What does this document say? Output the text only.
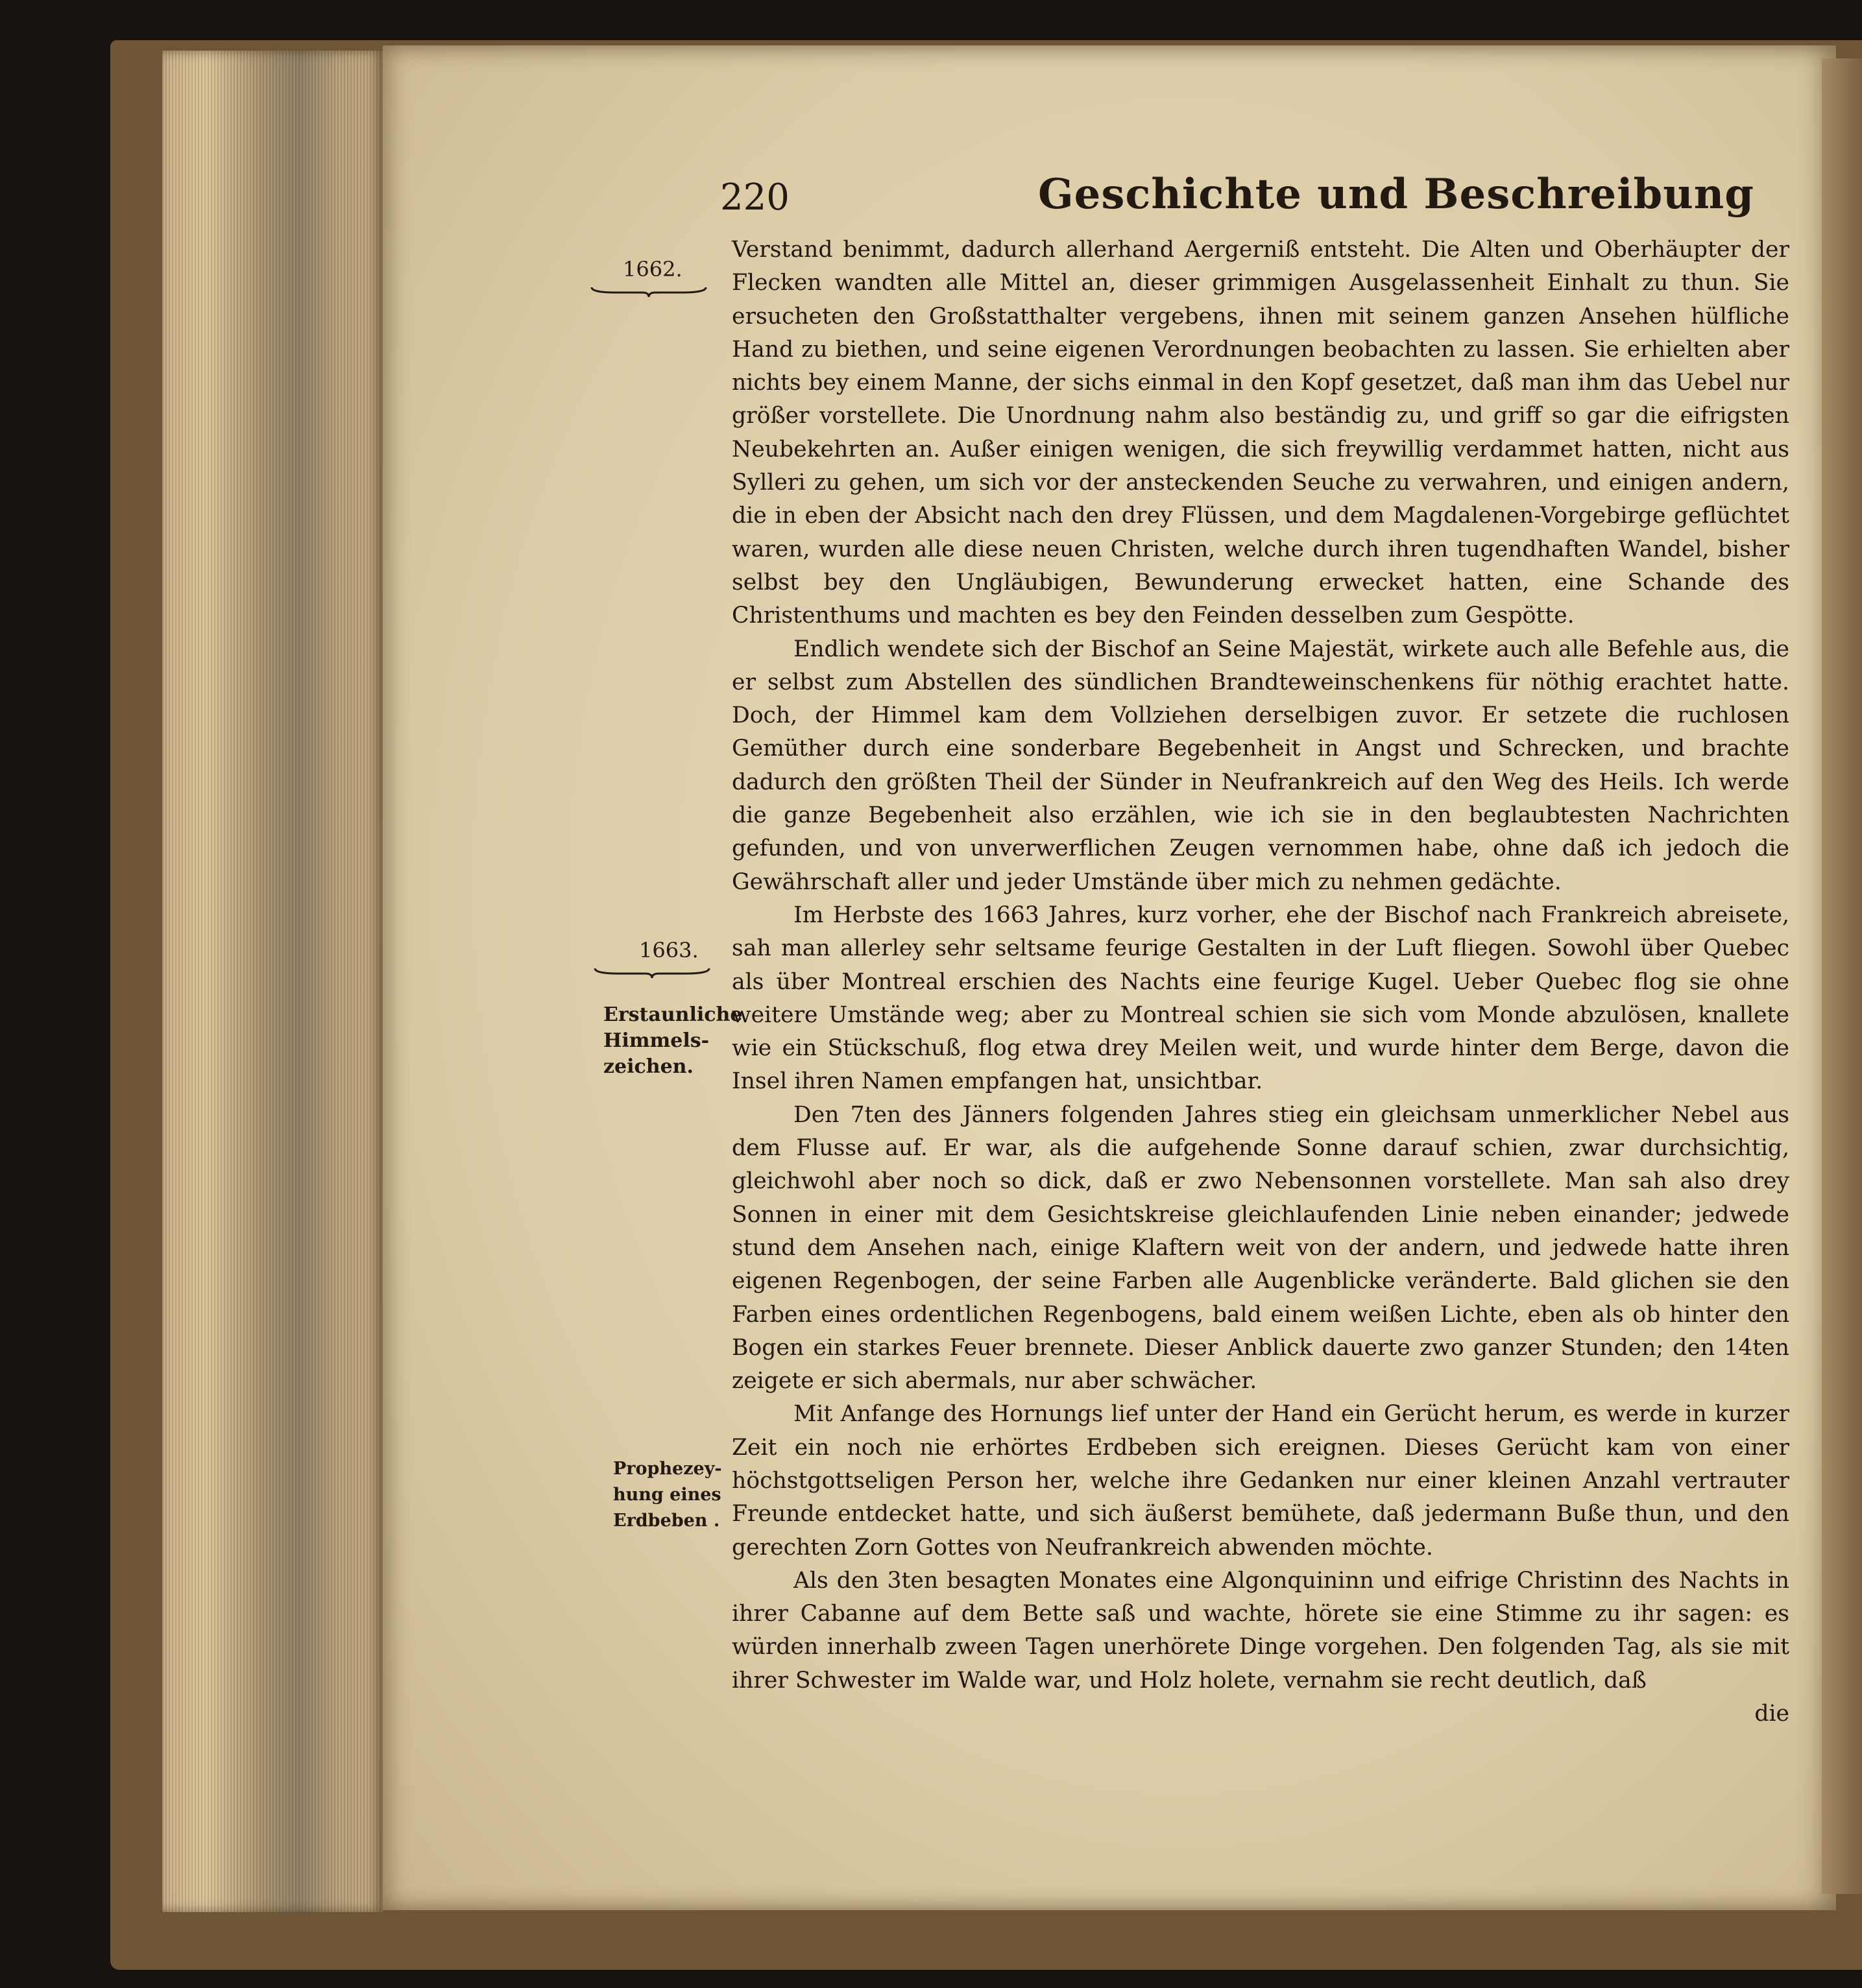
220	Geschichte und Beschreibung
1662.
1663.
Erstaunliche
Himmels-
zeichen.
Prophezey-
hung eines
Erdbeben .

Verstand benimmt, dadurch allerhand Aergerniß entsteht. Die Alten und Oberhäupter der Flecken wandten alle Mittel an, dieser grimmigen Ausgelassenheit Einhalt zu thun. Sie ersucheten den Großstatthalter vergebens, ihnen mit seinem ganzen Ansehen hülfliche Hand zu biethen, und seine eigenen Verordnungen beobachten zu lassen. Sie erhielten aber nichts bey einem Manne, der sichs einmal in den Kopf gesetzet, daß man ihm das Uebel nur größer vorstellete. Die Unordnung nahm also beständig zu, und griff so gar die eifrigsten Neubekehrten an. Außer einigen wenigen, die sich freywillig verdammet hatten, nicht aus Sylleri zu gehen, um sich vor der ansteckenden Seuche zu verwahren, und einigen andern, die in eben der Absicht nach den drey Flüssen, und dem Magdalenen-Vorgebirge geflüchtet waren, wurden alle diese neuen Christen, welche durch ihren tugendhaften Wandel, bisher selbst bey den Ungläubigen, Bewunderung erwecket hatten, eine Schande des Christenthums und machten es bey den Feinden desselben zum Gespötte.

Endlich wendete sich der Bischof an Seine Majestät, wirkete auch alle Befehle aus, die er selbst zum Abstellen des sündlichen Brandteweinschenkens für nöthig erachtet hatte. Doch, der Himmel kam dem Vollziehen derselbigen zuvor. Er setzete die ruchlosen Gemüther durch eine sonderbare Begebenheit in Angst und Schrecken, und brachte dadurch den größten Theil der Sünder in Neufrankreich auf den Weg des Heils. Ich werde die ganze Begebenheit also erzählen, wie ich sie in den beglaubtesten Nachrichten gefunden, und von unverwerflichen Zeugen vernommen habe, ohne daß ich jedoch die Gewährschaft aller und jeder Umstände über mich zu nehmen gedächte.

Im Herbste des 1663 Jahres, kurz vorher, ehe der Bischof nach Frankreich abreisete, sah man allerley sehr seltsame feurige Gestalten in der Luft fliegen. Sowohl über Quebec als über Montreal erschien des Nachts eine feurige Kugel. Ueber Quebec flog sie ohne weitere Umstände weg; aber zu Montreal schien sie sich vom Monde abzulösen, knallete wie ein Stückschuß, flog etwa drey Meilen weit, und wurde hinter dem Berge, davon die Insel ihren Namen empfangen hat, unsichtbar.

Den 7ten des Jänners folgenden Jahres stieg ein gleichsam unmerklicher Nebel aus dem Flusse auf. Er war, als die aufgehende Sonne darauf schien, zwar durchsichtig, gleichwohl aber noch so dick, daß er zwo Nebensonnen vorstellete. Man sah also drey Sonnen in einer mit dem Gesichtskreise gleichlaufenden Linie neben einander; jedwede stund dem Ansehen nach, einige Klaftern weit von der andern, und jedwede hatte ihren eigenen Regenbogen, der seine Farben alle Augenblicke veränderte. Bald glichen sie den Farben eines ordentlichen Regenbogens, bald einem weißen Lichte, eben als ob hinter den Bogen ein starkes Feuer brennete. Dieser Anblick dauerte zwo ganzer Stunden; den 14ten zeigete er sich abermals, nur aber schwächer.

Mit Anfange des Hornungs lief unter der Hand ein Gerücht herum, es werde in kurzer Zeit ein noch nie erhörtes Erdbeben sich ereignen. Dieses Gerücht kam von einer höchstgottseligen Person her, welche ihre Gedanken nur einer kleinen Anzahl vertrauter Freunde entdecket hatte, und sich äußerst bemühete, daß jedermann Buße thun, und den gerechten Zorn Gottes von Neufrankreich abwenden möchte.

Als den 3ten besagten Monates eine Algonquininn und eifrige Christinn des Nachts in ihrer Cabanne auf dem Bette saß und wachte, hörete sie eine Stimme zu ihr sagen: es würden innerhalb zween Tagen unerhörete Dinge vorgehen. Den folgenden Tag, als sie mit ihrer Schwester im Walde war, und Holz holete, vernahm sie recht deutlich, daß

die
